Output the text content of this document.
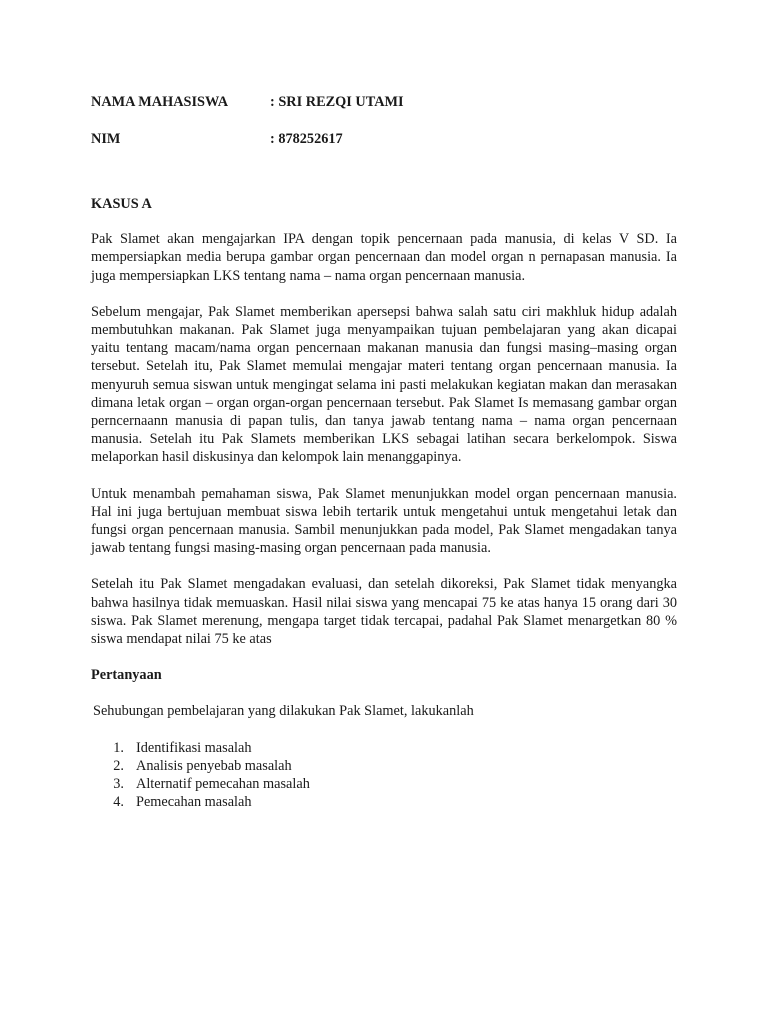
NAMA MAHASISWA	: SRI REZQI UTAMI
NIM	: 878252617
KASUS A

Pak Slamet akan mengajarkan IPA dengan topik pencernaan pada manusia, di kelas V SD. Ia mempersiapkan media berupa gambar organ pencernaan dan model organ n pernapasan manusia. Ia juga mempersiapkan LKS tentang nama – nama organ pencernaan manusia.

Sebelum mengajar, Pak Slamet memberikan apersepsi bahwa salah satu ciri makhluk hidup adalah membutuhkan makanan. Pak Slamet juga menyampaikan tujuan pembelajaran yang akan dicapai yaitu tentang macam/nama organ pencernaan makanan manusia dan fungsi masing–masing organ tersebut. Setelah itu, Pak Slamet memulai mengajar materi tentang organ pencernaan manusia. Ia menyuruh semua siswan untuk mengingat selama ini pasti melakukan kegiatan makan dan merasakan dimana letak organ – organ organ-organ pencernaan tersebut. Pak Slamet Is memasang gambar organ perncernaann manusia di papan tulis, dan tanya jawab tentang nama – nama organ pencernaan manusia. Setelah itu Pak Slamets memberikan LKS sebagai latihan secara berkelompok. Siswa melaporkan hasil diskusinya dan kelompok lain menanggapinya.

Untuk menambah pemahaman siswa, Pak Slamet menunjukkan model organ pencernaan manusia. Hal ini juga bertujuan membuat siswa lebih tertarik untuk mengetahui untuk mengetahui letak dan fungsi organ pencernaan manusia. Sambil menunjukkan pada model, Pak Slamet mengadakan tanya jawab tentang fungsi masing-masing organ pencernaan pada manusia.

Setelah itu Pak Slamet mengadakan evaluasi, dan setelah dikoreksi, Pak Slamet tidak menyangka bahwa hasilnya tidak memuaskan. Hasil nilai siswa yang mencapai 75 ke atas hanya 15 orang dari 30 siswa. Pak Slamet merenung, mengapa target tidak tercapai, padahal Pak Slamet menargetkan 80 % siswa mendapat nilai 75 ke atas

Pertanyaan
Sehubungan pembelajaran yang dilakukan Pak Slamet, lakukanlah
1. Identifikasi masalah
2. Analisis penyebab masalah
3. Alternatif pemecahan masalah
4. Pemecahan masalah
